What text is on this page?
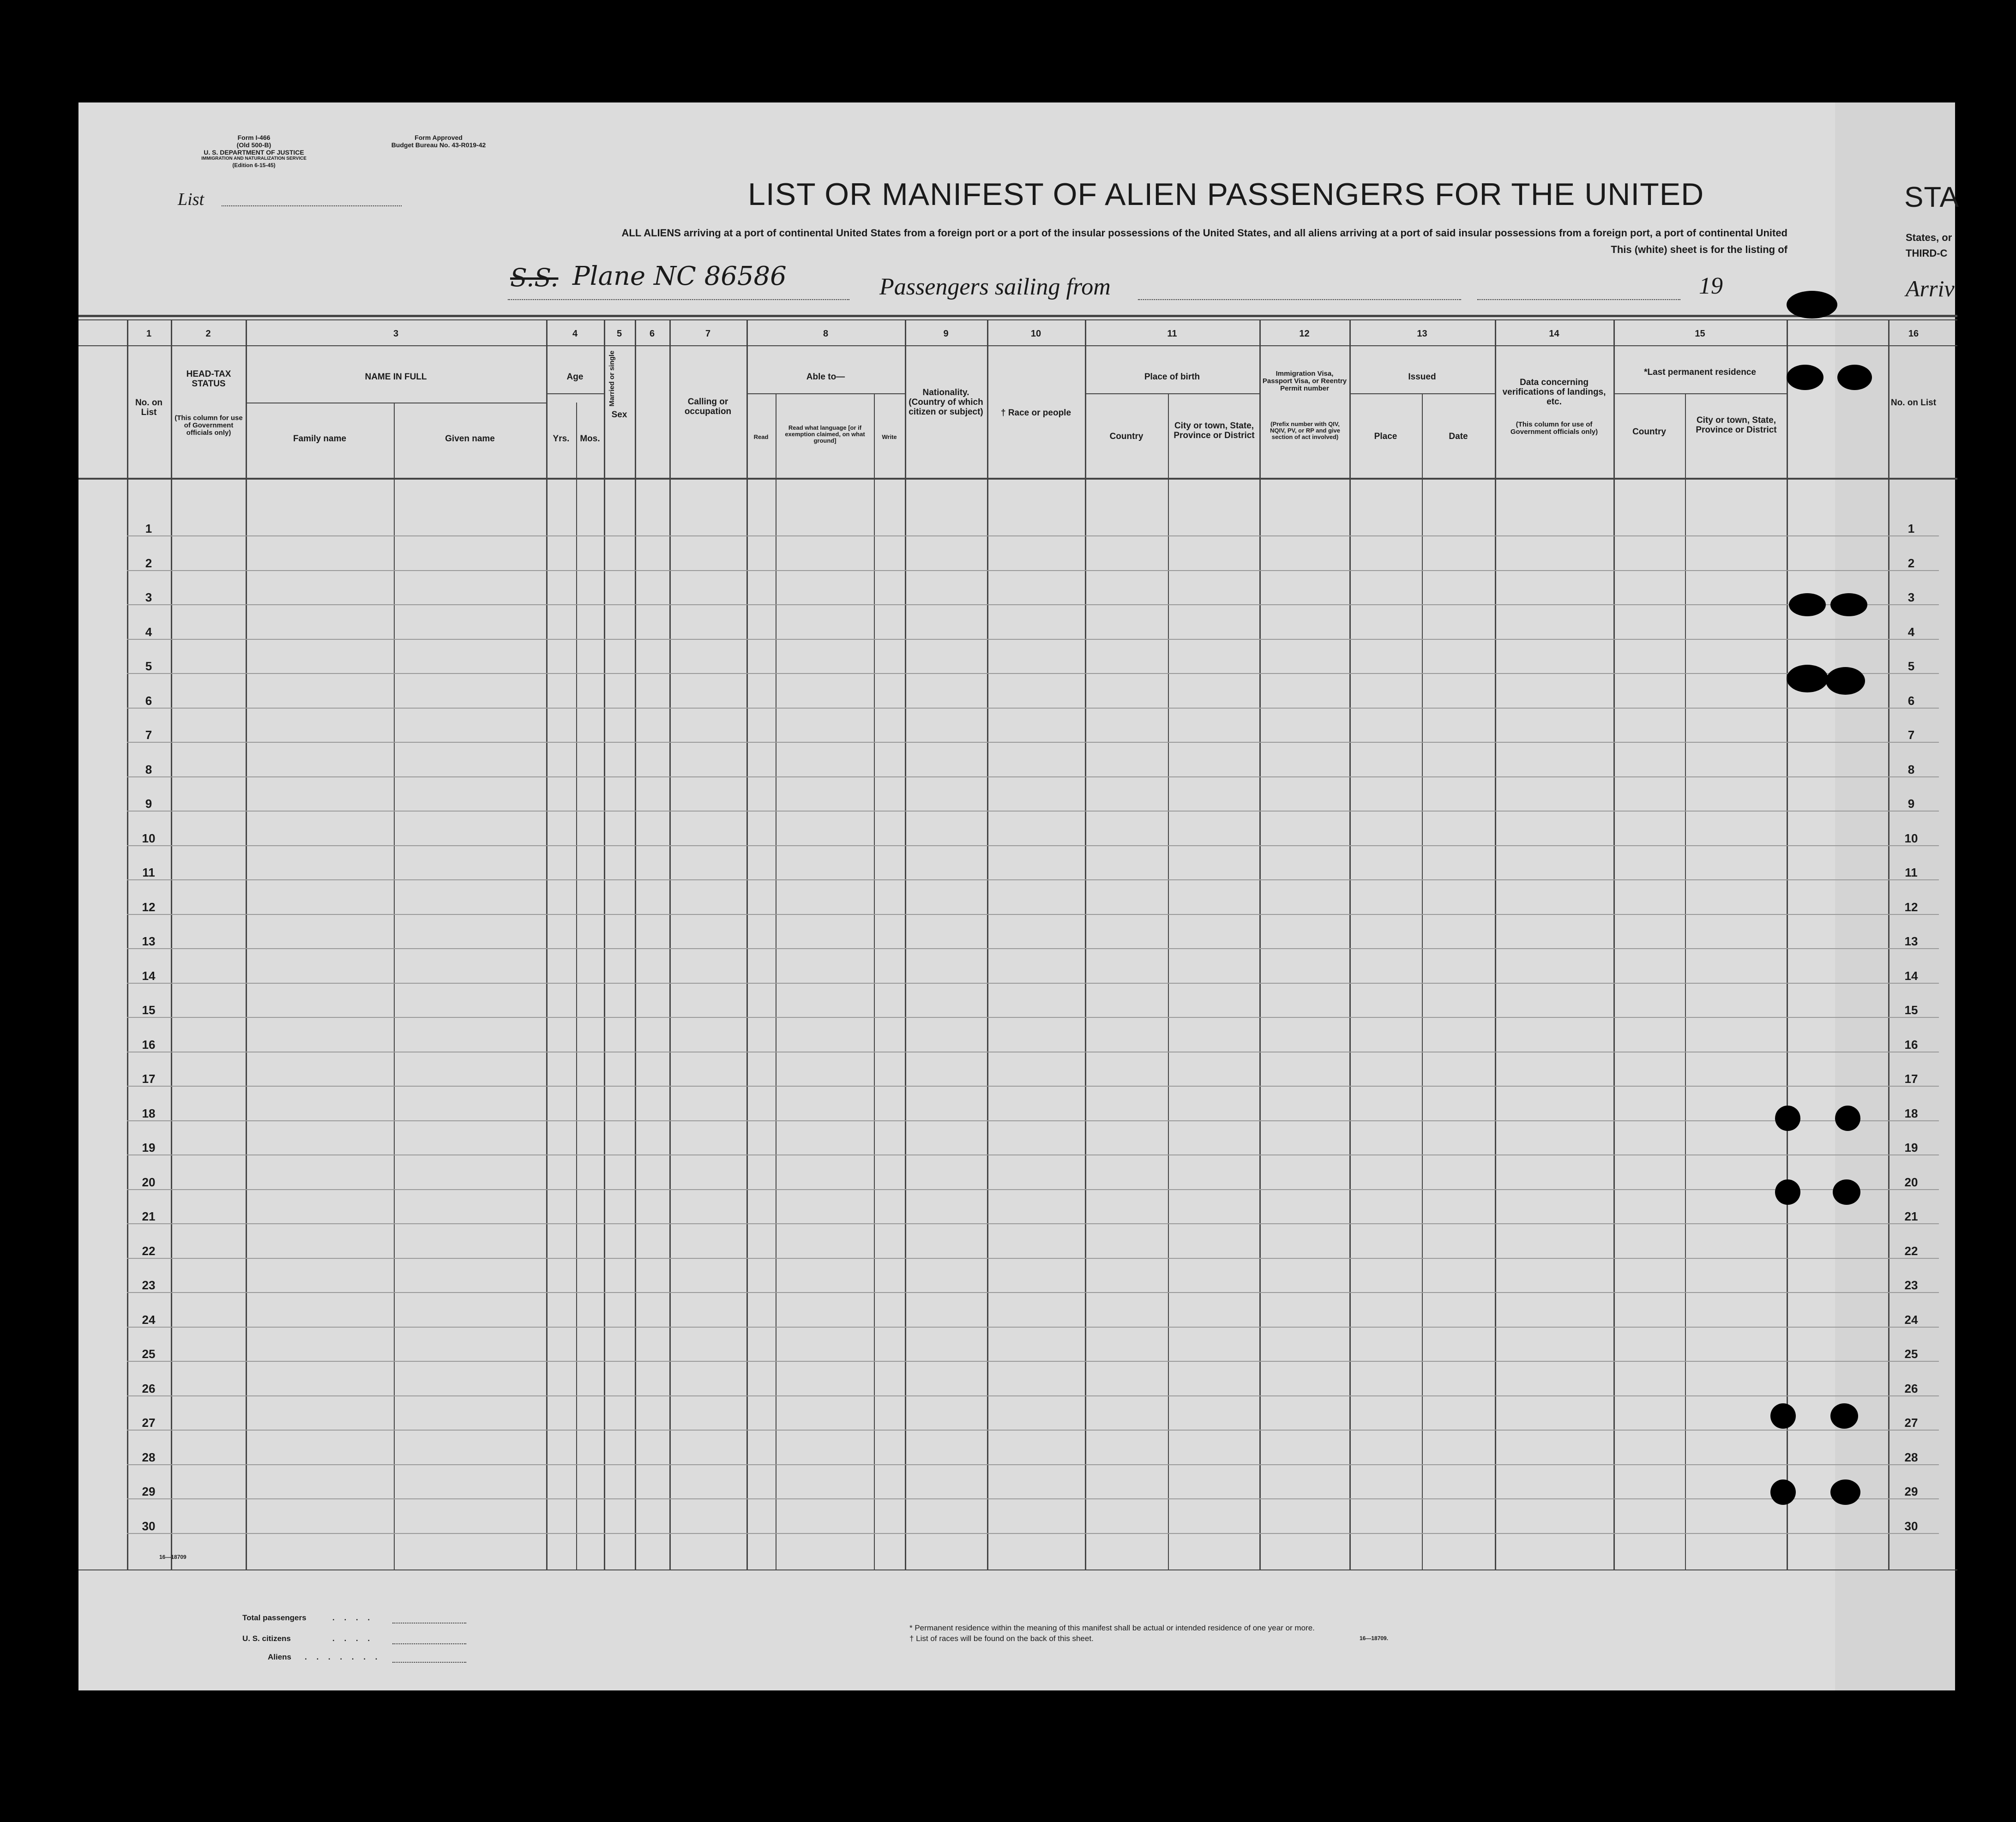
Form I-466
(Old 500-B)
U. S. DEPARTMENT OF JUSTICE
IMMIGRATION AND NATURALIZATION SERVICE
(Edition 6-15-45)
Form Approved
Budget Bureau No. 43-R019-42
List	LIST OR MANIFEST OF ALIEN PASSENGERS FOR THE UNITED	STA
ALL ALIENS arriving at a port of continental United States from a foreign port or a port of the insular possessions of the United States, and all aliens arriving at a port of said insular possessions from a foreign port, a port of continental United
This (white) sheet is for the listing of
States, or
THIRD-C
S.S. Plane NC 86586	Passengers sailing from	19	Arriv
1	2	3	4	5	6	7	8	9	10	11	12	13	14	15	16
No. on List
HEAD-TAX STATUS
(This column for use of Government officials only)
NAME IN FULL
Family name	Given name
Age
Yrs.	Mos.
Sex
Married or single	Calling or occupation
Able to—
Read
Read what language [or if exemption claimed, on what ground]
Write
Nationality. (Country of which citizen or subject)	† Race or people
Place of birth
Country
City or town, State, Province or District
Immigration Visa, Passport Visa, or Reentry Permit number
(Prefix number with QIV, NQIV, PV, or RP and give section of act involved)
Issued
Place	Date
Data concerning verifications of landings, etc.
(This column for use of Government officials only)
*Last permanent residence
Country
City or town, State, Province or District
No. on List
1	1
2	2
3	3
4	4
5	5
6	6
7	7
8	8
9	9
10	10
11	11
12	12
13	13
14	14
15	15
16	16
17	17
18	18
19	19
20	20
21	21
22	22
23	23
24	24
25	25
26	26
27	27
28	28
29	29
30	30
16—18709
Total passengers	. . . .
U. S. citizens	. . . .
Aliens . . . . . . .
* Permanent residence within the meaning of this manifest shall be actual or intended residence of one year or more.
† List of races will be found on the back of this sheet.	16—18709.
